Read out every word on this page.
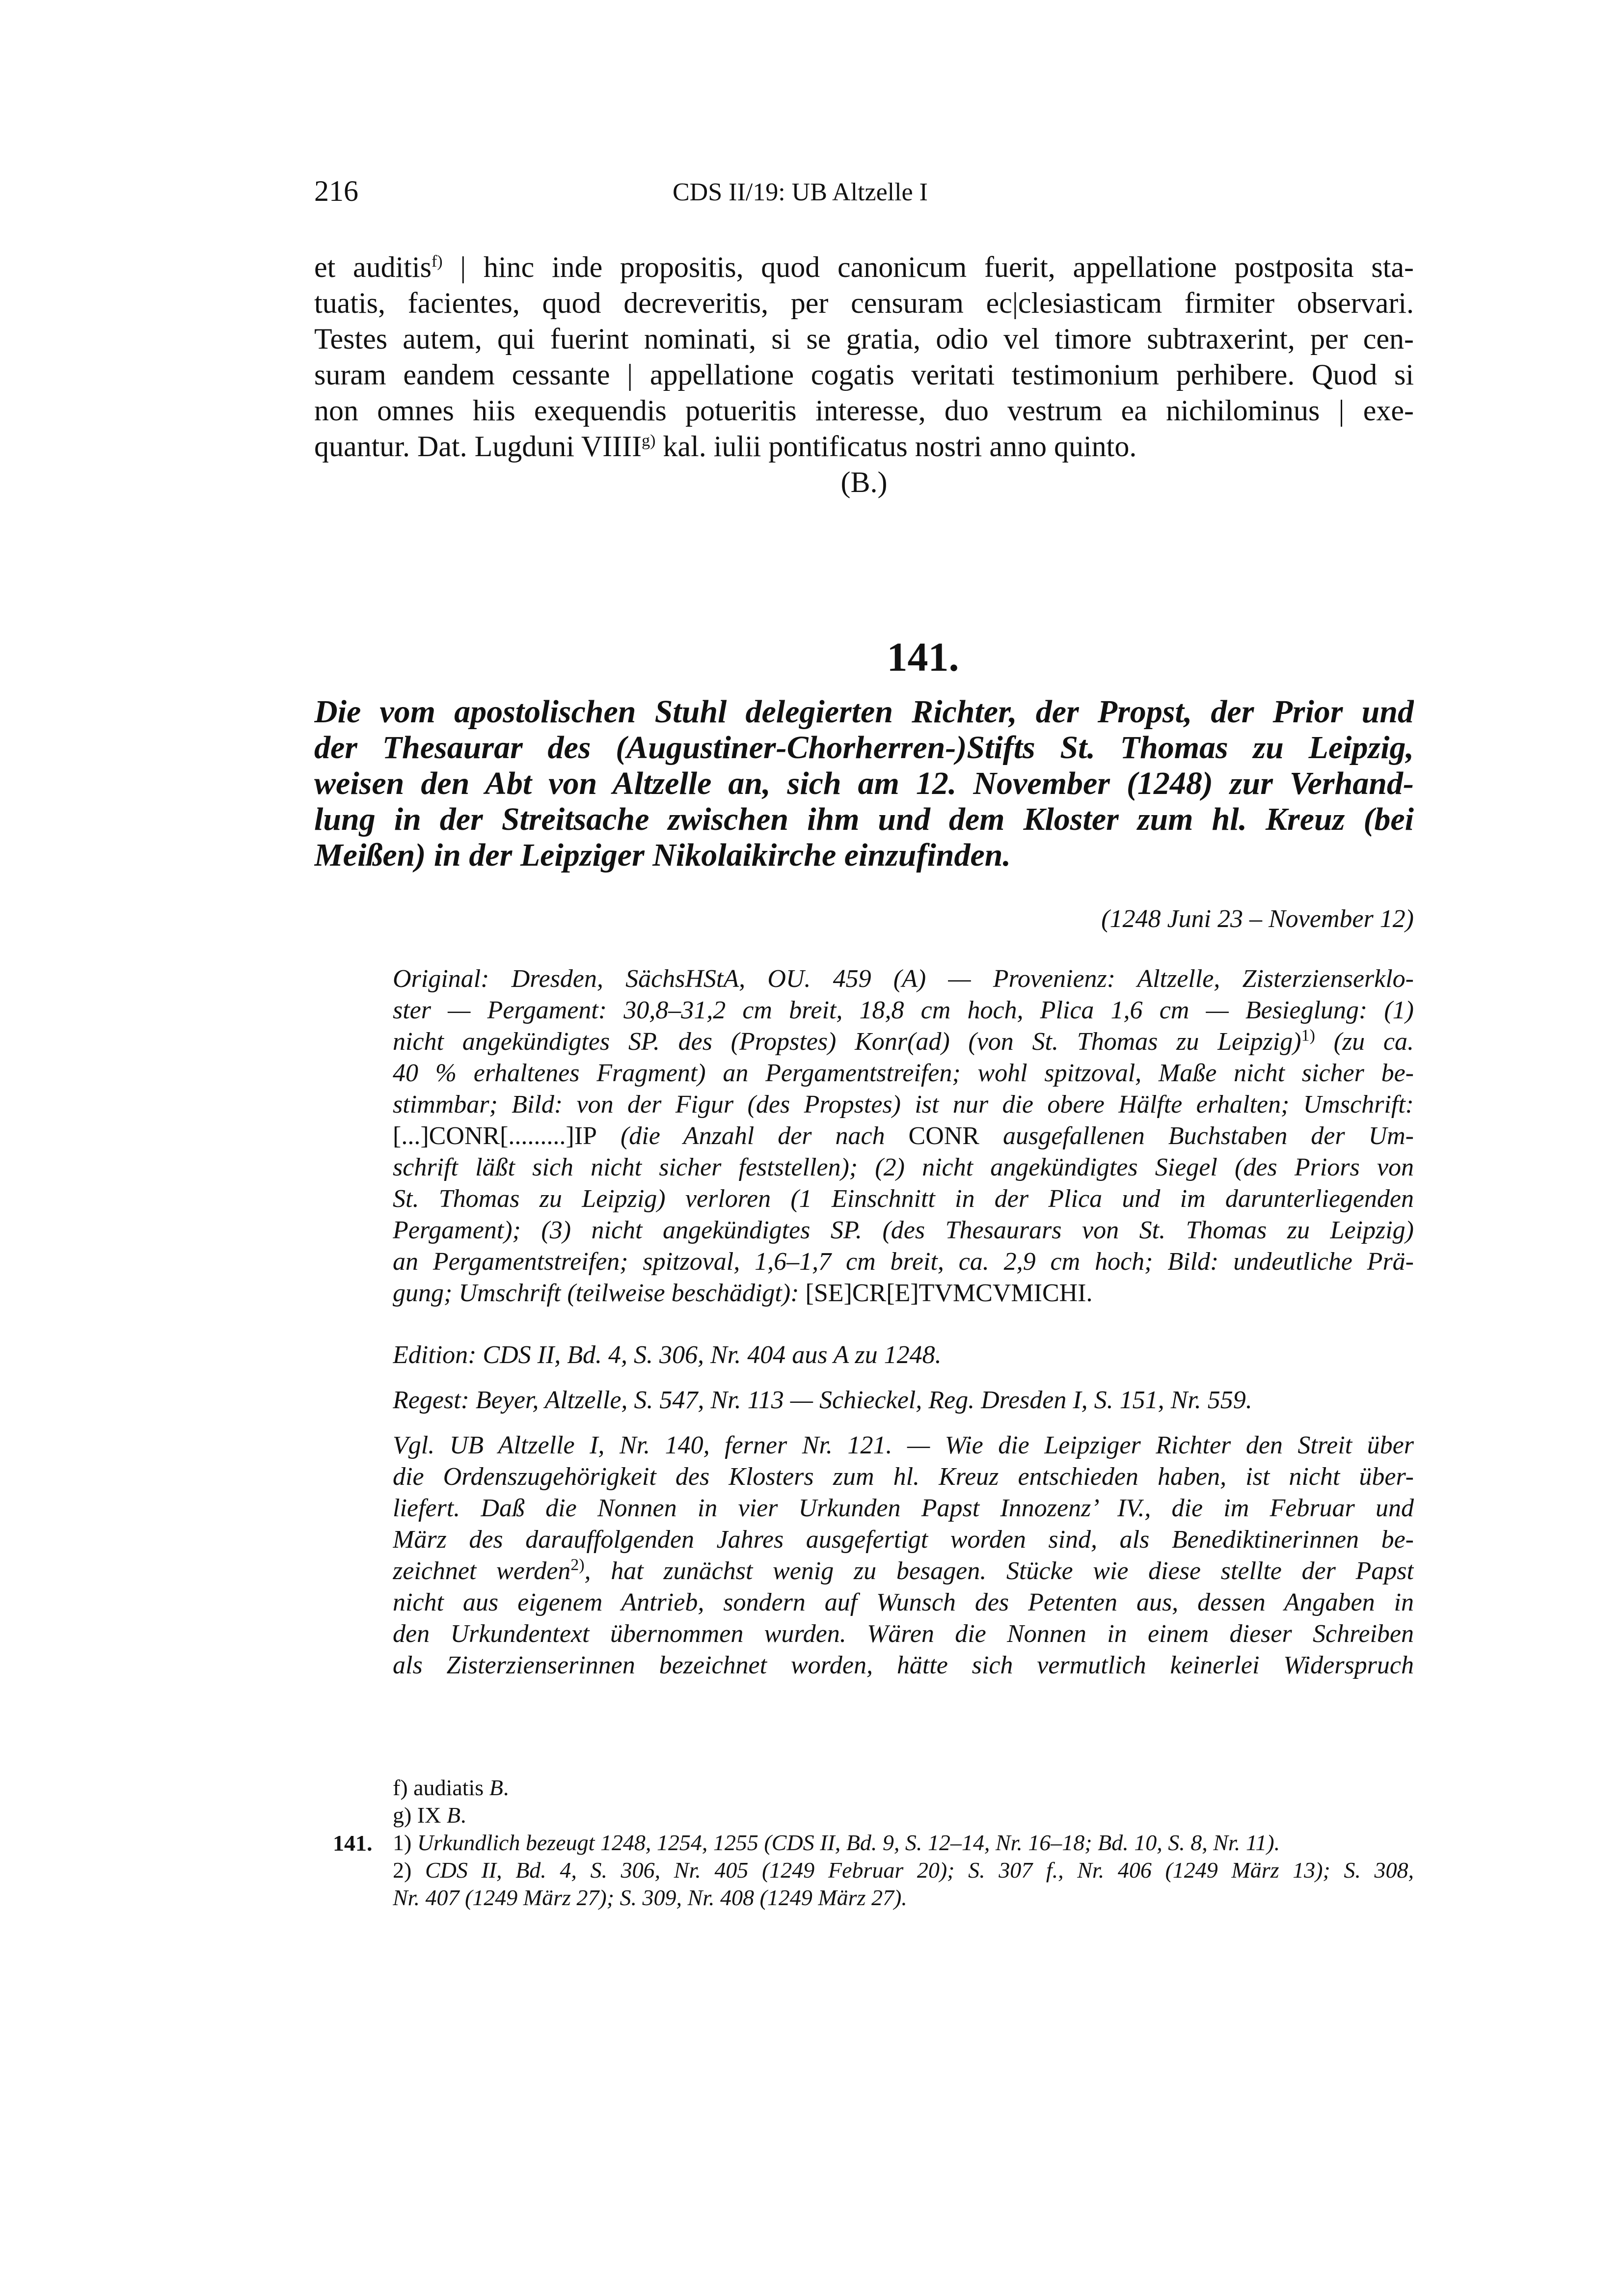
216	CDS II/19: UB Altzelle I
et auditis$^{f)}$ | hinc inde propositis, quod canonicum fuerit, appellatione postposita sta-
tuatis, facientes, quod decreveritis, per censuram ec|clesiasticam firmiter observari.
Testes autem, qui fuerint nominati, si se gratia, odio vel timore subtraxerint, per cen-
suram eandem cessante | appellatione cogatis veritati testimonium perhibere. Quod si
non omnes hiis exequendis potueritis interesse, duo vestrum ea nichilominus | exe-
quantur. Dat. Lugduni VIIII$^{g)}$ kal. iulii pontificatus nostri anno quinto.
(B.)
141.
Die vom apostolischen Stuhl delegierten Richter, der Propst, der Prior und
der Thesaurar des (Augustiner-Chorherren-)Stifts St. Thomas zu Leipzig,
weisen den Abt von Altzelle an, sich am 12. November (1248) zur Verhand-
lung in der Streitsache zwischen ihm und dem Kloster zum hl. Kreuz (bei
Meißen) in der Leipziger Nikolaikirche einzufinden.
(1248 Juni 23 – November 12)
Original: Dresden, SächsHStA, OU. 459 (A) — Provenienz: Altzelle, Zisterzienserklo-
ster — Pergament: 30,8–31,2 cm breit, 18,8 cm hoch, Plica 1,6 cm — Besieglung: (1)
nicht angekündigtes SP. des (Propstes) Konr(ad) (von St. Thomas zu Leipzig)$^{1)}$ (zu ca.
40 % erhaltenes Fragment) an Pergamentstreifen; wohl spitzoval, Maße nicht sicher be-
stimmbar; Bild: von der Figur (des Propstes) ist nur die obere Hälfte erhalten; Umschrift:
[...]CONR[.........]IP (die Anzahl der nach CONR ausgefallenen Buchstaben der Um-
schrift läßt sich nicht sicher feststellen); (2) nicht angekündigtes Siegel (des Priors von
St. Thomas zu Leipzig) verloren (1 Einschnitt in der Plica und im darunterliegenden
Pergament); (3) nicht angekündigtes SP. (des Thesaurars von St. Thomas zu Leipzig)
an Pergamentstreifen; spitzoval, 1,6–1,7 cm breit, ca. 2,9 cm hoch; Bild: undeutliche Prä-
gung; Umschrift (teilweise beschädigt): [SE]CR[E]TVMCVMICHI.
Edition: CDS II, Bd. 4, S. 306, Nr. 404 aus A zu 1248.
Regest: Beyer, Altzelle, S. 547, Nr. 113 — Schieckel, Reg. Dresden I, S. 151, Nr. 559.
Vgl. UB Altzelle I, Nr. 140, ferner Nr. 121. — Wie die Leipziger Richter den Streit über
die Ordenszugehörigkeit des Klosters zum hl. Kreuz entschieden haben, ist nicht über-
liefert. Daß die Nonnen in vier Urkunden Papst Innozenz’ IV., die im Februar und
März des darauffolgenden Jahres ausgefertigt worden sind, als Benediktinerinnen be-
zeichnet werden$^{2)}$, hat zunächst wenig zu besagen. Stücke wie diese stellte der Papst
nicht aus eigenem Antrieb, sondern auf Wunsch des Petenten aus, dessen Angaben in
den Urkundentext übernommen wurden. Wären die Nonnen in einem dieser Schreiben
als Zisterzienserinnen bezeichnet worden, hätte sich vermutlich keinerlei Widerspruch
f) audiatis B.
g) IX B.
1) Urkundlich bezeugt 1248, 1254, 1255 (CDS II, Bd. 9, S. 12–14, Nr. 16–18; Bd. 10, S. 8, Nr. 11).
2) CDS II, Bd. 4, S. 306, Nr. 405 (1249 Februar 20); S. 307 f., Nr. 406 (1249 März 13); S. 308,
Nr. 407 (1249 März 27); S. 309, Nr. 408 (1249 März 27).
141.
